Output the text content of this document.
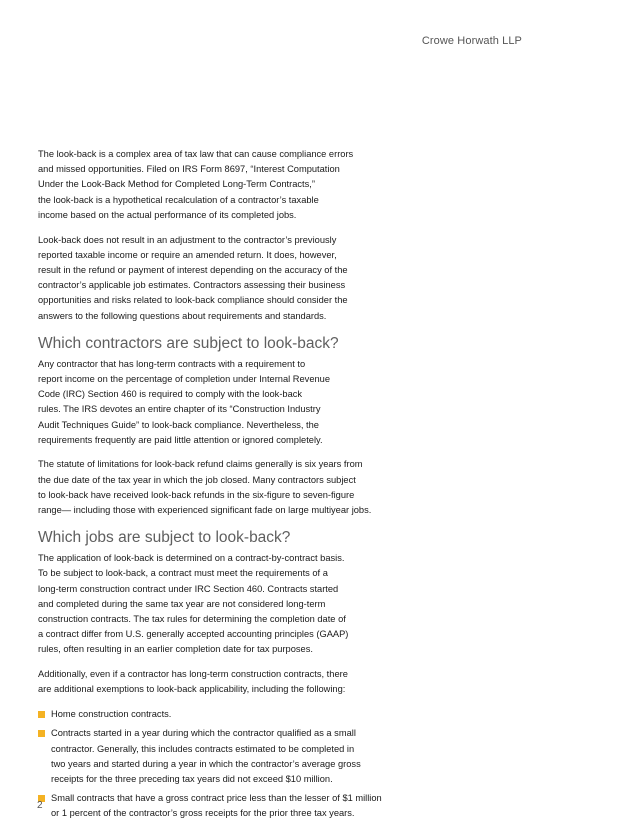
Crowe Horwath LLP

The look-back is a complex area of tax law that can cause compliance errors
and missed opportunities. Filed on IRS Form 8697, “Interest Computation
Under the Look-Back Method for Completed Long-Term Contracts,”
the look-back is a hypothetical recalculation of a contractor’s taxable
income based on the actual performance of its completed jobs.

Look-back does not result in an adjustment to the contractor’s previously
reported taxable income or require an amended return. It does, however,
result in the refund or payment of interest depending on the accuracy of the
contractor’s applicable job estimates. Contractors assessing their business
opportunities and risks related to look-back compliance should consider the
answers to the following questions about requirements and standards.

Which contractors are subject to look-back?

Any contractor that has long-term contracts with a requirement to
report income on the percentage of completion under Internal Revenue
Code (IRC) Section 460 is required to comply with the look-back
rules. The IRS devotes an entire chapter of its “Construction Industry
Audit Techniques Guide” to look-back compliance. Nevertheless, the
requirements frequently are paid little attention or ignored completely.

The statute of limitations for look-back refund claims generally is six years from
the due date of the tax year in which the job closed. Many contractors subject
to look-back have received look-back refunds in the six-figure to seven-figure
range— including those with experienced significant fade on large multiyear jobs.

Which jobs are subject to look-back?

The application of look-back is determined on a contract-by-contract basis.
To be subject to look-back, a contract must meet the requirements of a
long-term construction contract under IRC Section 460. Contracts started
and completed during the same tax year are not considered long-term
construction contracts. The tax rules for determining the completion date of
a contract differ from U.S. generally accepted accounting principles (GAAP)
rules, often resulting in an earlier completion date for tax purposes.

Additionally, even if a contractor has long-term construction contracts, there
are additional exemptions to look-back applicability, including the following:

Home construction contracts.
Contracts started in a year during which the contractor qualified as a small
contractor. Generally, this includes contracts estimated to be completed in
two years and started during a year in which the contractor’s average gross
receipts for the three preceding tax years did not exceed $10 million.
Small contracts that have a gross contract price less than the lesser of $1 million
or 1 percent of the contractor’s gross receipts for the prior three tax years.
2
